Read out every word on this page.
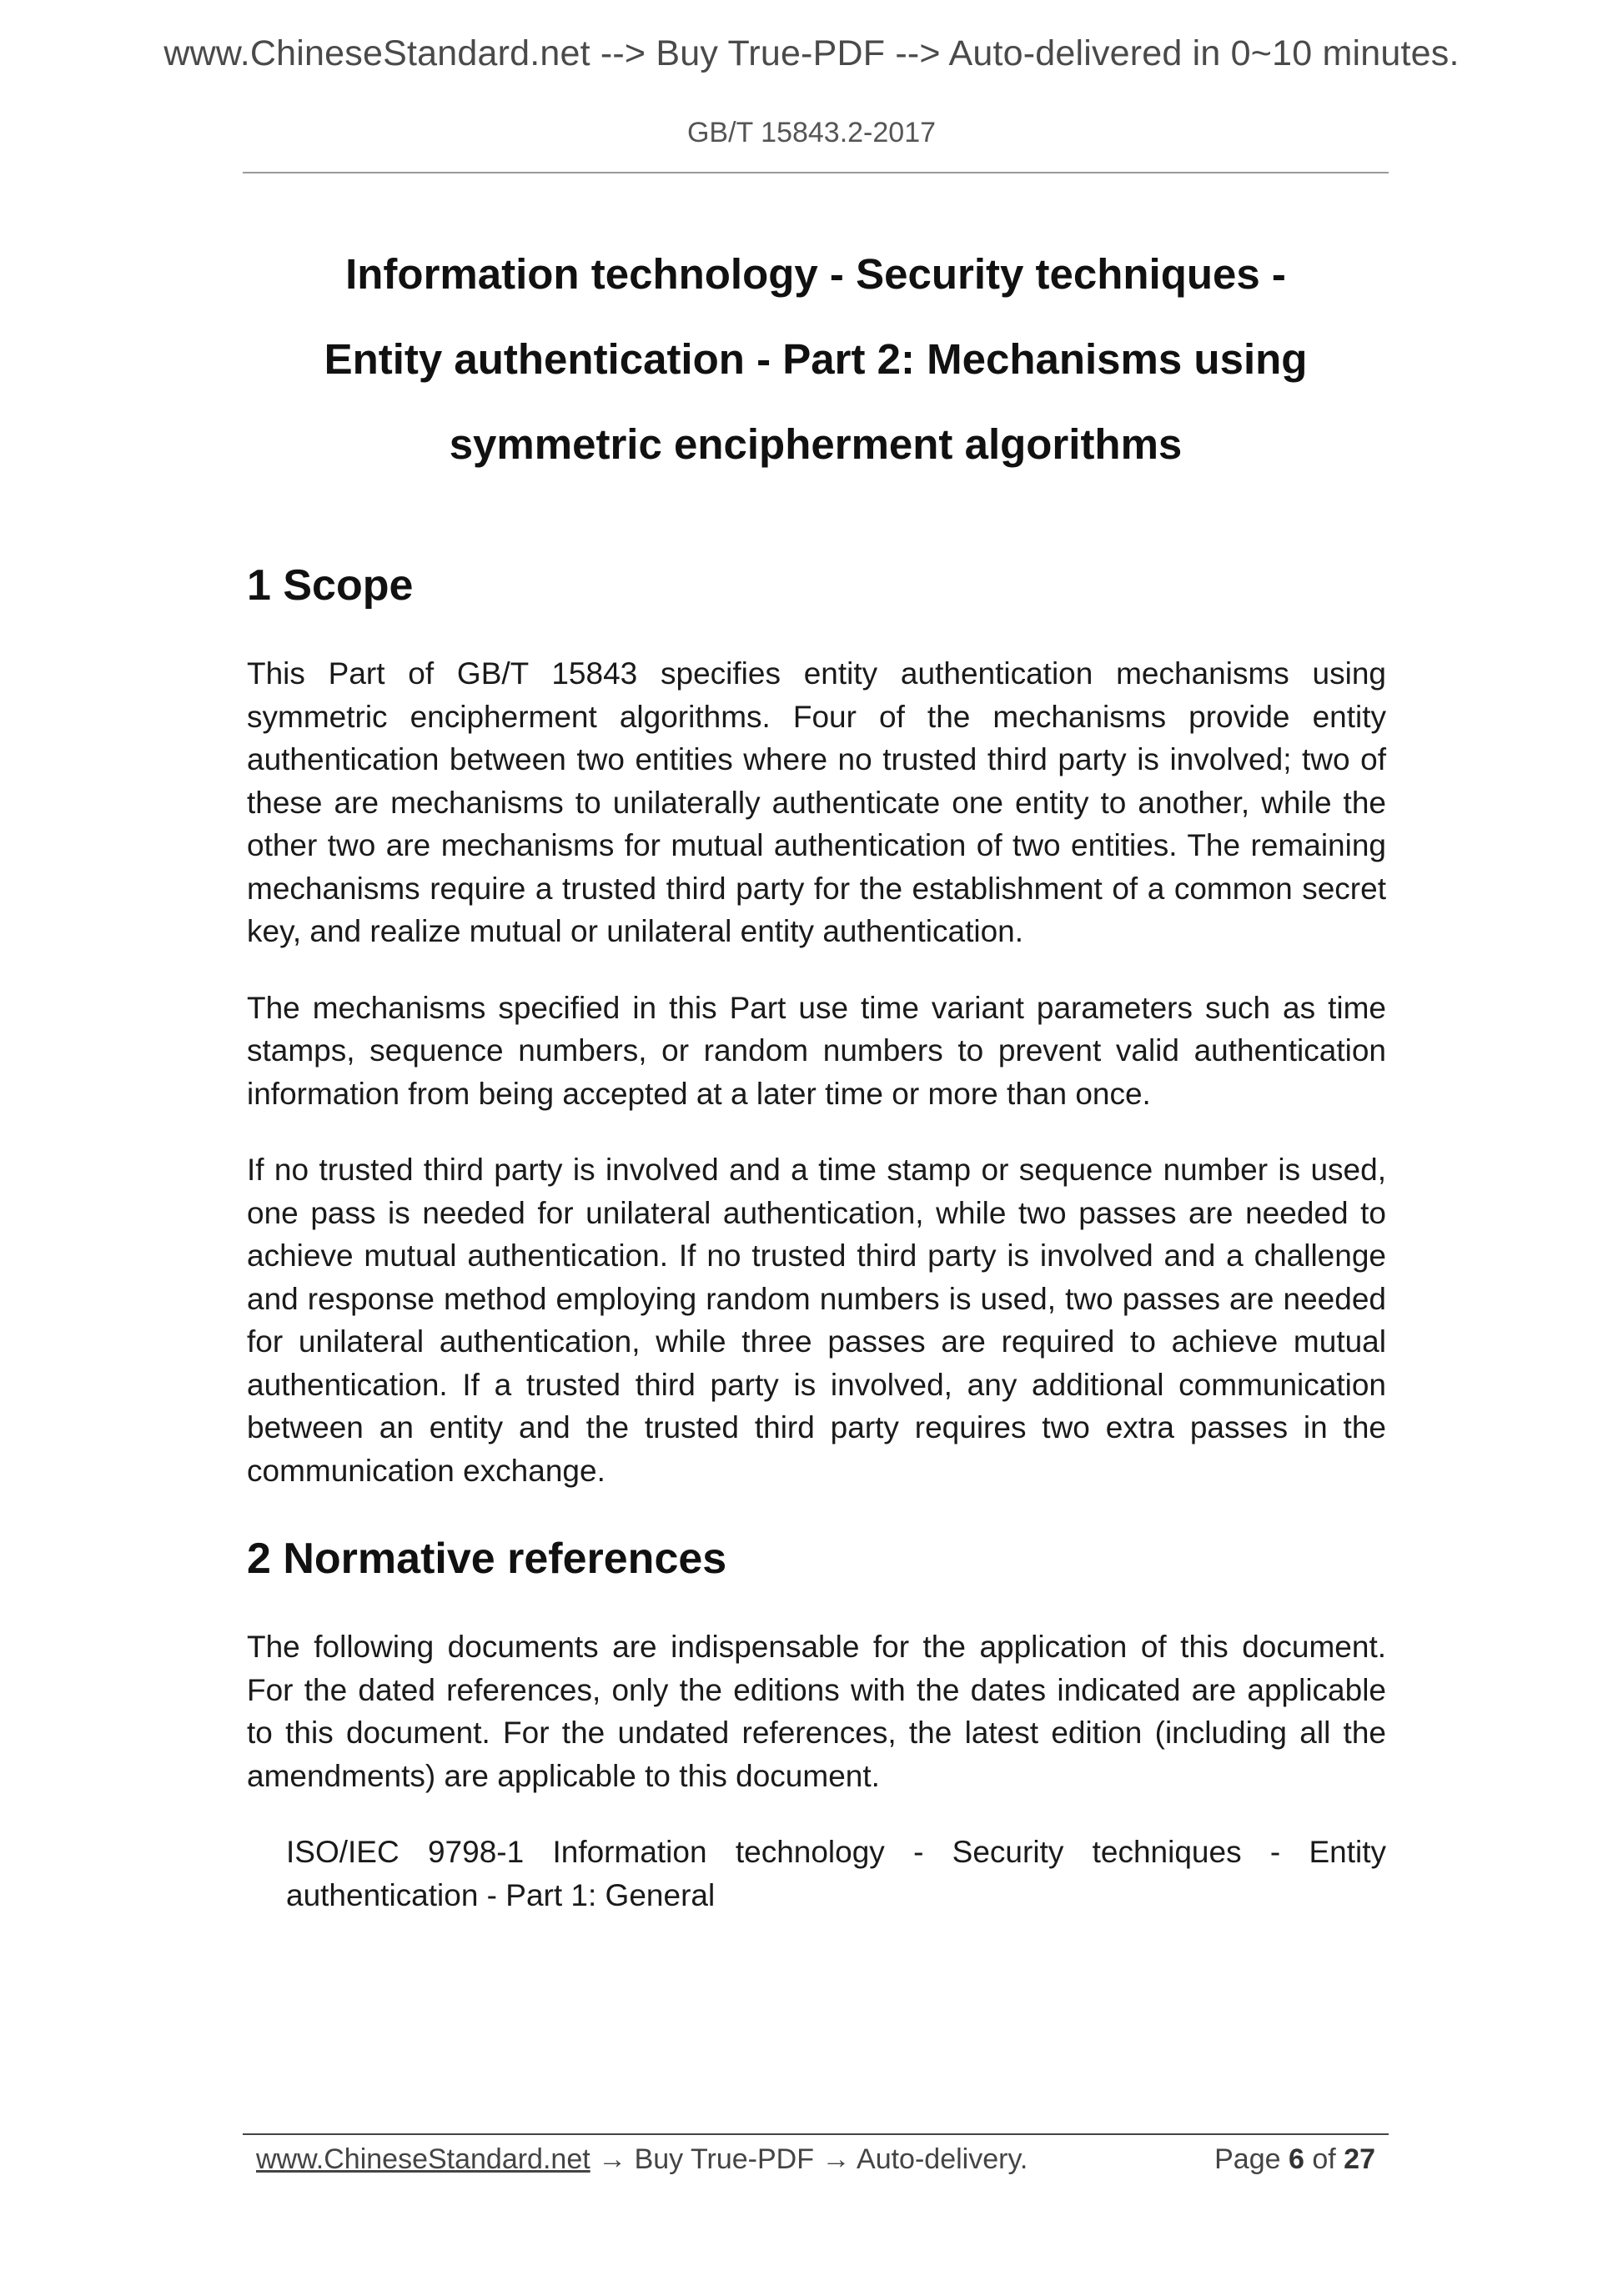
www.ChineseStandard.net --> Buy True-PDF --> Auto-delivered in 0~10 minutes.
GB/T 15843.2-2017
Information technology - Security techniques -
Entity authentication - Part 2: Mechanisms using
symmetric encipherment algorithms
1 Scope

This Part of GB/T 15843 specifies entity authentication mechanisms using symmetric encipherment algorithms. Four of the mechanisms provide entity authentication between two entities where no trusted third party is involved; two of these are mechanisms to unilaterally authenticate one entity to another, while the other two are mechanisms for mutual authentication of two entities. The remaining mechanisms require a trusted third party for the establishment of a common secret key, and realize mutual or unilateral entity authentication.

The mechanisms specified in this Part use time variant parameters such as time stamps, sequence numbers, or random numbers to prevent valid authentication information from being accepted at a later time or more than once.

If no trusted third party is involved and a time stamp or sequence number is used, one pass is needed for unilateral authentication, while two passes are needed to achieve mutual authentication. If no trusted third party is involved and a challenge and response method employing random numbers is used, two passes are needed for unilateral authentication, while three passes are required to achieve mutual authentication. If a trusted third party is involved, any additional communication between an entity and the trusted third party requires two extra passes in the communication exchange.

2 Normative references

The following documents are indispensable for the application of this document. For the dated references, only the editions with the dates indicated are applicable to this document. For the undated references, the latest edition (including all the amendments) are applicable to this document.

ISO/IEC 9798-1 Information technology - Security techniques - Entity authentication - Part 1: General

www.ChineseStandard.net → Buy True-PDF → Auto-delivery.	Page 6 of 27
